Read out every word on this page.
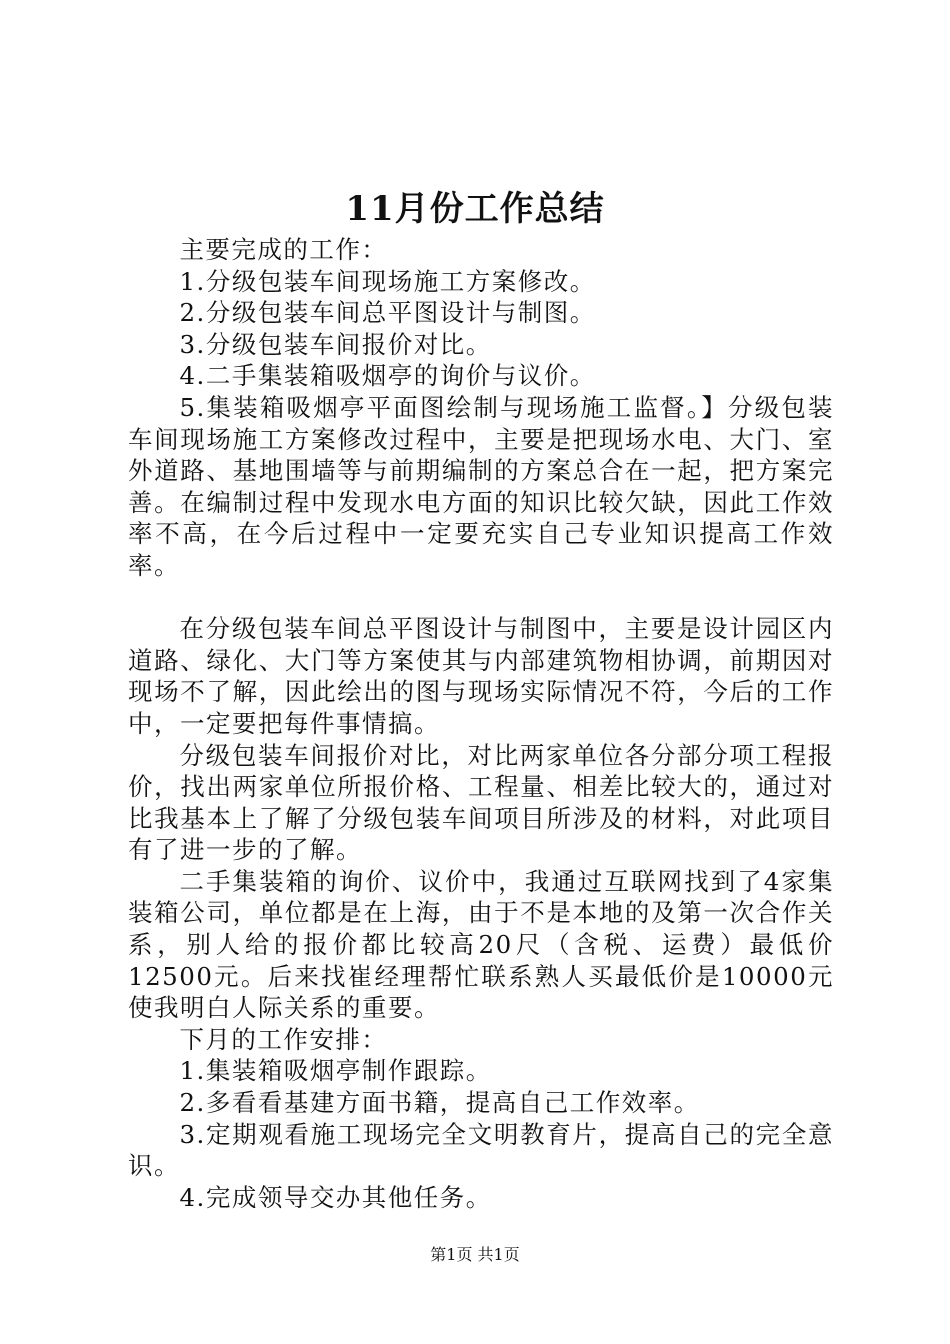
11月份工作总结

主要完成的工作：

1.分级包装车间现场施工方案修改。

2.分级包装车间总平图设计与制图。

3.分级包装车间报价对比。

4.二手集装箱吸烟亭的询价与议价。

5.集装箱吸烟亭平面图绘制与现场施工监督。】分级包装车间现场施工方案修改过程中，主要是把现场水电、大门、室外道路、基地围墙等与前期编制的方案总合在一起，把方案完善。在编制过程中发现水电方面的知识比较欠缺，因此工作效率不高，在今后过程中一定要充实自己专业知识提高工作效率。

在分级包装车间总平图设计与制图中，主要是设计园区内道路、绿化、大门等方案使其与内部建筑物相协调，前期因对现场不了解，因此绘出的图与现场实际情况不符，今后的工作中，一定要把每件事情搞。

分级包装车间报价对比，对比两家单位各分部分项工程报价，找出两家单位所报价格、工程量、相差比较大的，通过对比我基本上了解了分级包装车间项目所涉及的材料，对此项目有了进一步的了解。

二手集装箱的询价、议价中，我通过互联网找到了4家集装箱公司，单位都是在上海，由于不是本地的及第一次合作关系，别人给的报价都比较高20尺（含税、运费）最低价12500元。后来找崔经理帮忙联系熟人买最低价是10000元使我明白人际关系的重要。

下月的工作安排：

1.集装箱吸烟亭制作跟踪。

2.多看看基建方面书籍，提高自己工作效率。

3.定期观看施工现场完全文明教育片，提高自己的完全意识。

4.完成领导交办其他任务。

第1页 共1页
